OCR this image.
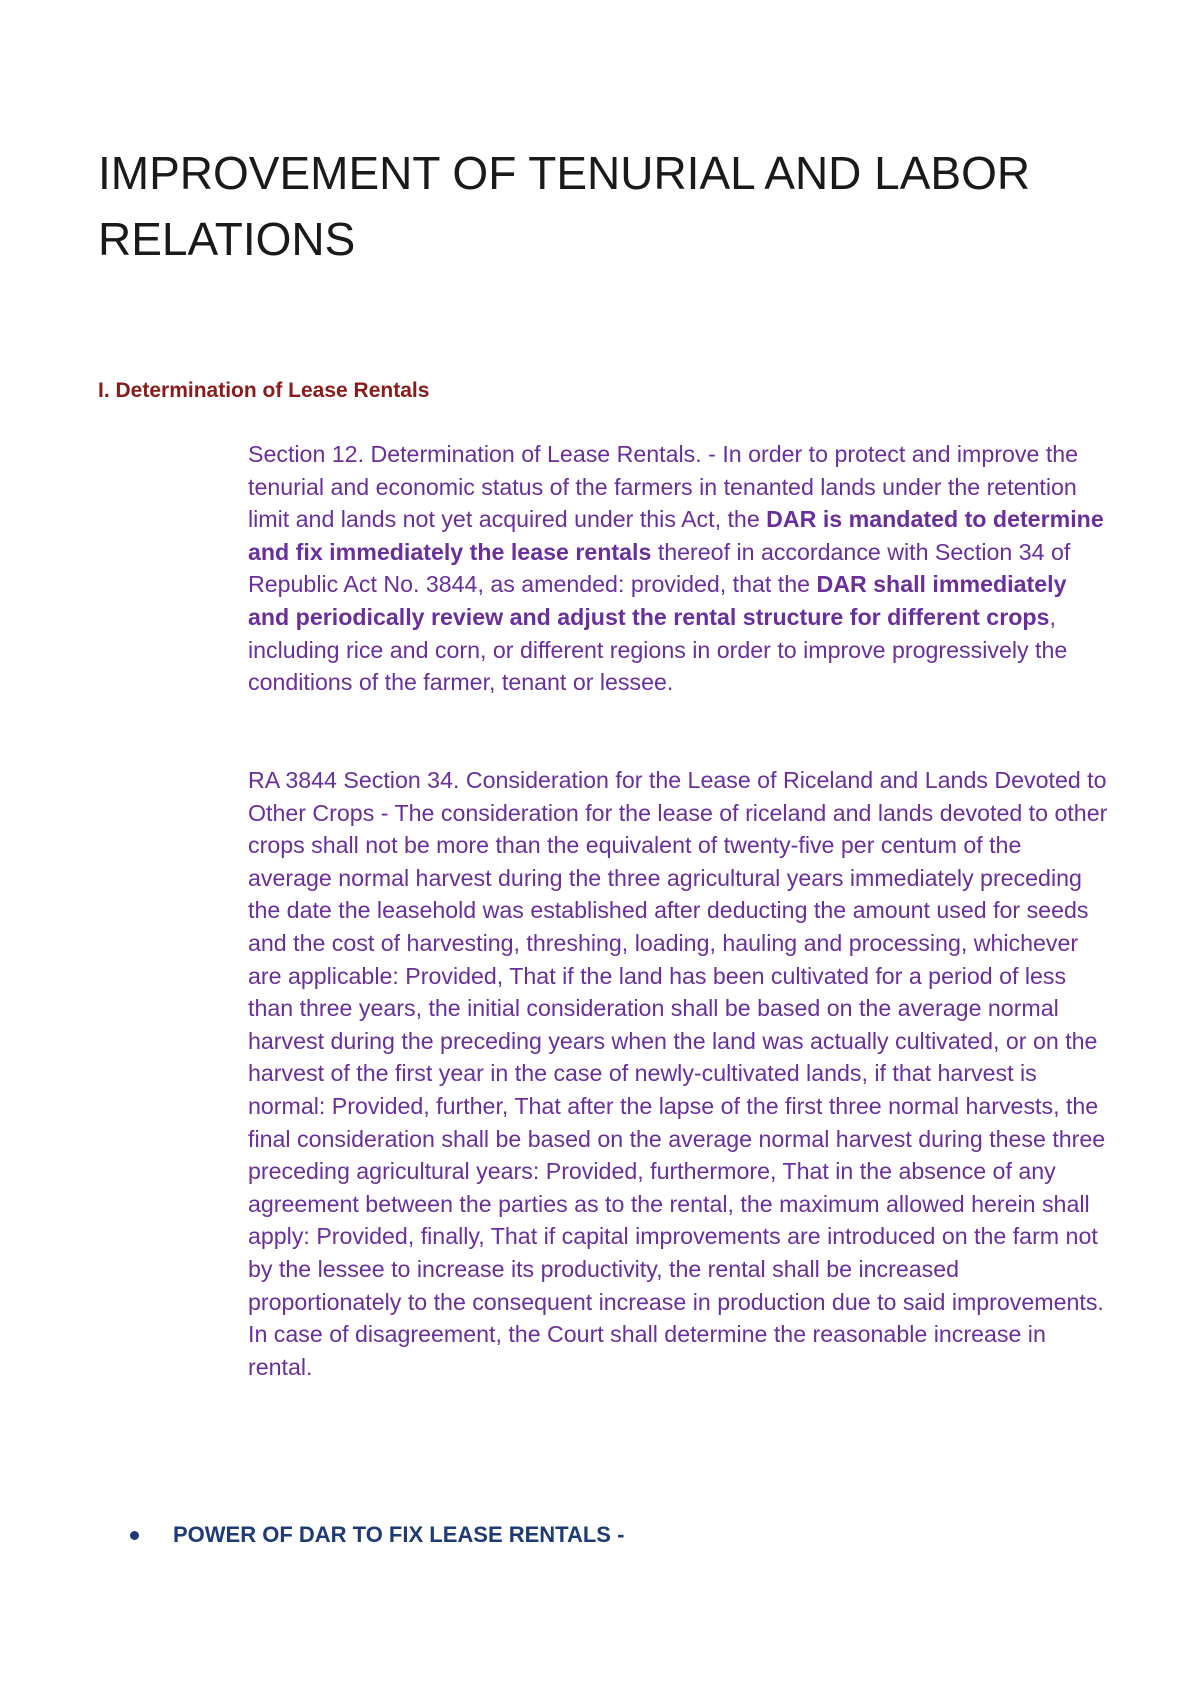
IMPROVEMENT OF TENURIAL AND LABOR RELATIONS
I. Determination of Lease Rentals

Section 12. Determination of Lease Rentals. - In order to protect and improve the tenurial and economic status of the farmers in tenanted lands under the retention limit and lands not yet acquired under this Act, the DAR is mandated to determine and fix immediately the lease rentals thereof in accordance with Section 34 of Republic Act No. 3844, as amended: provided, that the DAR shall immediately and periodically review and adjust the rental structure for different crops, including rice and corn, or different regions in order to improve progressively the conditions of the farmer, tenant or lessee.

RA 3844 Section 34. Consideration for the Lease of Riceland and Lands Devoted to Other Crops - The consideration for the lease of riceland and lands devoted to other crops shall not be more than the equivalent of twenty-five per centum of the average normal harvest during the three agricultural years immediately preceding the date the leasehold was established after deducting the amount used for seeds and the cost of harvesting, threshing, loading, hauling and processing, whichever are applicable: Provided, That if the land has been cultivated for a period of less than three years, the initial consideration shall be based on the average normal harvest during the preceding years when the land was actually cultivated, or on the harvest of the first year in the case of newly-cultivated lands, if that harvest is normal: Provided, further, That after the lapse of the first three normal harvests, the final consideration shall be based on the average normal harvest during these three preceding agricultural years: Provided, furthermore, That in the absence of any agreement between the parties as to the rental, the maximum allowed herein shall apply: Provided, finally, That if capital improvements are introduced on the farm not by the lessee to increase its productivity, the rental shall be increased proportionately to the consequent increase in production due to said improvements. In case of disagreement, the Court shall determine the reasonable increase in rental.

POWER OF DAR TO FIX LEASE RENTALS -
